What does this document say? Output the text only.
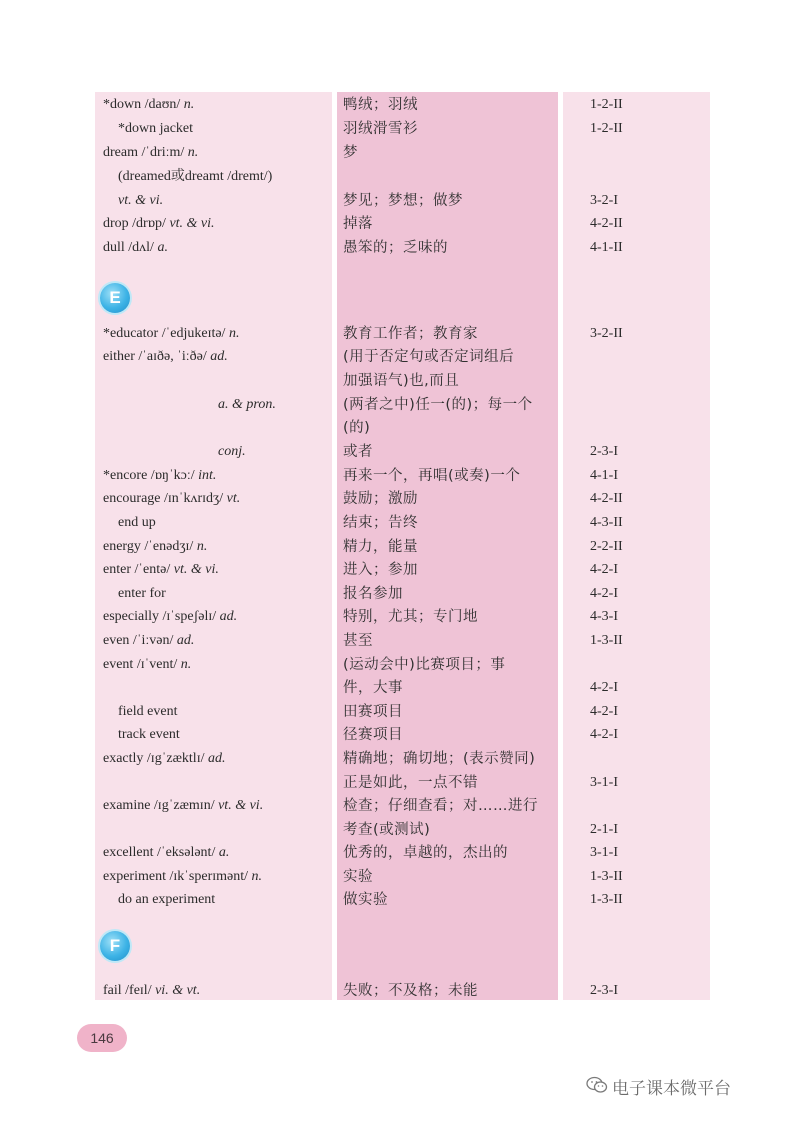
*down /daʊn/ n.	鸭绒；羽绒	1-2-II
*down jacket	羽绒滑雪衫	1-2-II
dream /ˈdriːm/ n.	梦
(dreamed或dreamt /dremt/)
vt. & vi.	梦见；梦想；做梦	3-2-I
drop /drɒp/ vt. & vi.	掉落	4-2-II
dull /dʌl/ a.	愚笨的；乏味的	4-1-II
*educator /ˈedjukeɪtə/ n.	教育工作者；教育家	3-2-II
either /ˈaɪðə, ˈiːðə/ ad.	(用于否定句或否定词组后
加强语气)也,而且
a. & pron.	(两者之中)任一(的)；每一个
(的)
conj.	或者	2-3-I
*encore /ɒŋˈkɔː/ int.	再来一个，再唱(或奏)一个	4-1-I
encourage /ɪnˈkʌrɪdʒ/ vt.	鼓励；激励	4-2-II
end up	结束；告终	4-3-II
energy /ˈenədʒɪ/ n.	精力，能量	2-2-II
enter /ˈentə/ vt. & vi.	进入；参加	4-2-I
enter for	报名参加	4-2-I
especially /ɪˈspeʃəlɪ/ ad.	特别，尤其；专门地	4-3-I
even /ˈiːvən/ ad.	甚至	1-3-II
event /ɪˈvent/ n.	(运动会中)比赛项目；事
件，大事	4-2-I
field event	田赛项目	4-2-I
track event	径赛项目	4-2-I
exactly /ɪgˈzæktlɪ/ ad.	精确地；确切地；(表示赞同)
正是如此，一点不错	3-1-I
examine /ɪgˈzæmɪn/ vt. & vi.	检查；仔细查看；对……进行
考查(或测试)	2-1-I
excellent /ˈeksələnt/ a.	优秀的，卓越的，杰出的	3-1-I
experiment /ɪkˈsperɪmənt/ n.	实验	1-3-II
do an experiment	做实验	1-3-II
fail /feɪl/ vi. & vt.	失败；不及格；未能	2-3-I
E
F
146
电子课本微平台
